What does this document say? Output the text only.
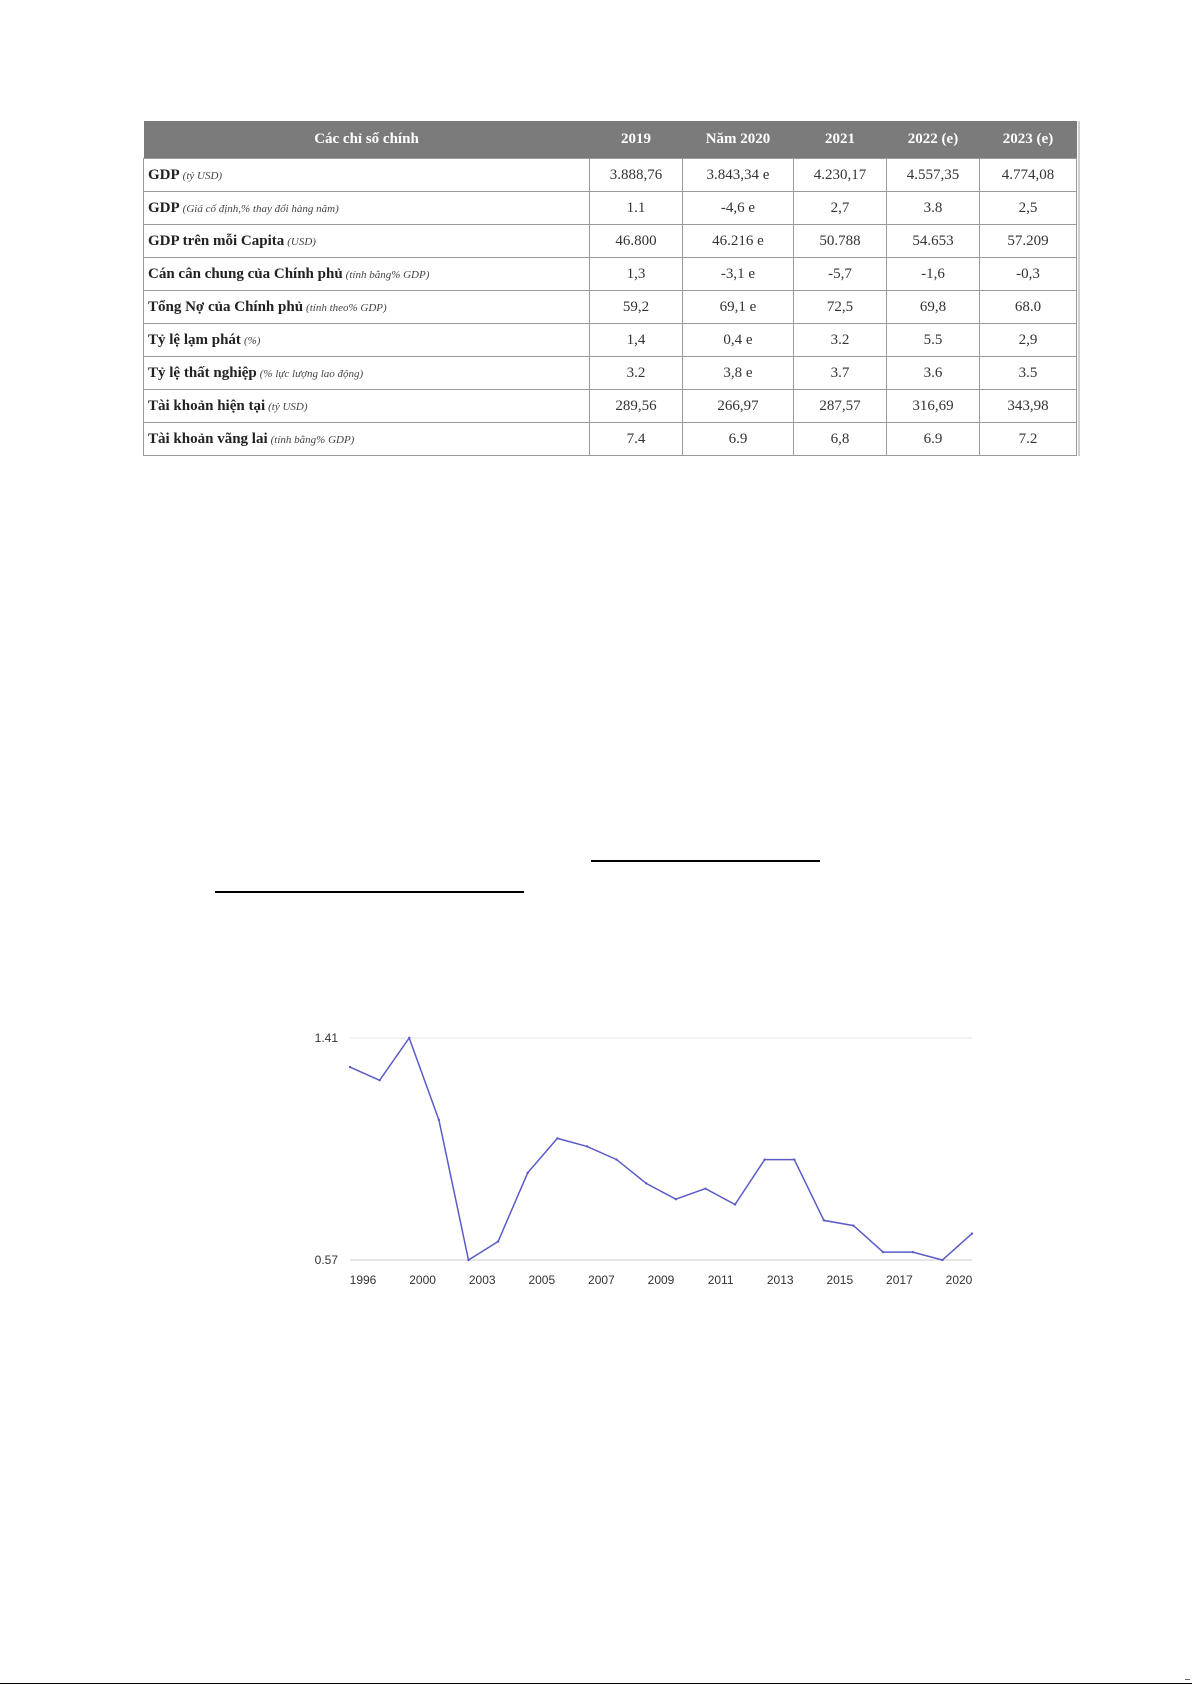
Các chỉ số chính	2019	Năm 2020	2021	2022 (e)	2023 (e)
GDP (tỷ USD)	3.888,76	3.843,34 e	4.230,17	4.557,35	4.774,08
GDP (Giá cố định,% thay đổi hàng năm)	1.1	-4,6 e	2,7	3.8	2,5
GDP trên mỗi Capita (USD)	46.800	46.216 e	50.788	54.653	57.209
Cán cân chung của Chính phủ (tính bằng% GDP)	1,3	-3,1 e	-5,7	-1,6	-0,3
Tổng Nợ của Chính phủ (tính theo% GDP)	59,2	69,1 e	72,5	69,8	68.0
Tỷ lệ lạm phát (%)	1,4	0,4 e	3.2	5.5	2,9
Tỷ lệ thất nghiệp (% lực lượng lao động)	3.2	3,8 e	3.7	3.6	3.5
Tài khoản hiện tại (tỷ USD)	289,56	266,97	287,57	316,69	343,98
Tài khoản vãng lai (tính bằng% GDP)	7.4	6.9	6,8	6.9	7.2
1.41
0.57
1996	2000	2003	2005	2007	2009	2011	2013	2015	2017	2020
